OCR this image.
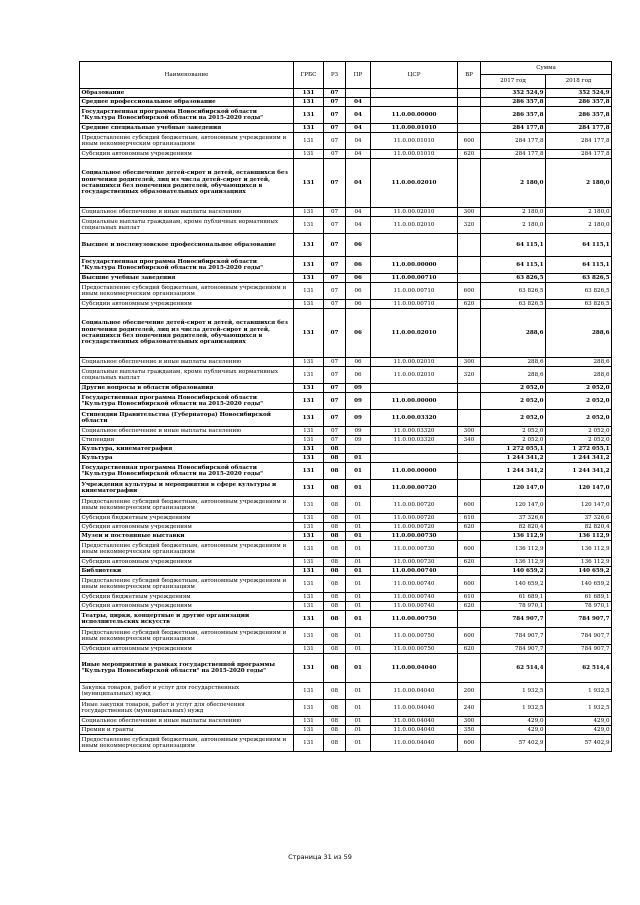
Наименование	ГРБС	РЗ	ПР	ЦСР	ВР	Сумма	
						2017 год	2018 год
Образование	131	07				352 524,9	352 524,9
Среднее профессиональное образование	131	07	04			286 357,8	286 357,8
Государственная программа Новосибирской области "Культура Новосибирской области на 2015-2020 годы"	131	07	04	11.0.00.00000		286 357,8	286 357,8
Средние специальные учебные заведения	131	07	04	11.0.00.01010		284 177,8	284 177,8
Предоставление субсидий бюджетным, автономным учреждениям и иным некоммерческим организациям	131	07	04	11.0.00.01010	600	284 177,8	284 177,8
Субсидии автономным учреждениям	131	07	04	11.0.00.01010	620	284 177,8	284 177,8
Социальное обеспечение детей-сирот и детей, оставшихся без попечения родителей, лиц из числа детей-сирот и детей, оставшихся без попечения родителей, обучающихся в государственных образовательных организациях	131	07	04	11.0.00.02010		2 180,0	2 180,0
Социальное обеспечение и иные выплаты населению	131	07	04	11.0.00.02010	300	2 180,0	2 180,0
Социальные выплаты гражданам, кроме публичных нормативных социальных выплат	131	07	04	11.0.00.02010	320	2 180,0	2 180,0
Высшее и послевузовское профессиональное образование	131	07	06			64 115,1	64 115,1
Государственная программа Новосибирской области "Культура Новосибирской области на 2015-2020 годы"	131	07	06	11.0.00.00000		64 115,1	64 115,1
Высшие учебные заведения	131	07	06	11.0.00.00710		63 826,5	63 826,5
Предоставление субсидий бюджетным, автономным учреждениям и иным некоммерческим организациям	131	07	06	11.0.00.00710	600	63 826,5	63 826,5
Субсидии автономным учреждениям	131	07	06	11.0.00.00710	620	63 826,5	63 826,5
Социальное обеспечение детей-сирот и детей, оставшихся без попечения родителей, лиц из числа детей-сирот и детей, оставшихся без попечения родителей, обучающихся в государственных образовательных организациях	131	07	06	11.0.00.02010		288,6	288,6
Социальное обеспечение и иные выплаты населению	131	07	06	11.0.00.02010	300	288,6	288,6
Социальные выплаты гражданам, кроме публичных нормативных социальных выплат	131	07	06	11.0.00.02010	320	288,6	288,6
Другие вопросы в области образования	131	07	09			2 052,0	2 052,0
Государственная программа Новосибирской области "Культура Новосибирской области на 2015-2020 годы"	131	07	09	11.0.00.00000		2 052,0	2 052,0
Стипендии Правительства (Губернатора) Новосибирской области	131	07	09	11.0.00.03320		2 052,0	2 052,0
Социальное обеспечение и иные выплаты населению	131	07	09	11.0.00.03320	300	2 052,0	2 052,0
Стипендии	131	07	09	11.0.00.03320	340	2 052,0	2 052,0
Культура, кинематография	131	08				1 272 055,1	1 272 055,1
Культура	131	08	01			1 244 341,2	1 244 341,2
Государственная программа Новосибирской области "Культура Новосибирской области на 2015-2020 годы"	131	08	01	11.0.00.00000		1 244 341,2	1 244 341,2
Учреждения культуры и мероприятия в сфере культуры и кинематографии	131	08	01	11.0.00.00720		120 147,0	120 147,0
Предоставление субсидий бюджетным, автономным учреждениям и иным некоммерческим организациям	131	08	01	11.0.00.00720	600	120 147,0	120 147,0
Субсидии бюджетным учреждениям	131	08	01	11.0.00.00720	610	37 326,6	37 326,6
Субсидии автономным учреждениям	131	08	01	11.0.00.00720	620	82 820,4	82 820,4
Музеи и постоянные выставки	131	08	01	11.0.00.00730		136 112,9	136 112,9
Предоставление субсидий бюджетным, автономным учреждениям и иным некоммерческим организациям	131	08	01	11.0.00.00730	600	136 112,9	136 112,9
Субсидии автономным учреждениям	131	08	01	11.0.00.00730	620	136 112,9	136 112,9
Библиотеки	131	08	01	11.0.00.00740		140 659,2	140 659,2
Предоставление субсидий бюджетным, автономным учреждениям и иным некоммерческим организациям	131	08	01	11.0.00.00740	600	140 659,2	140 659,2
Субсидии бюджетным учреждениям	131	08	01	11.0.00.00740	610	61 689,1	61 689,1
Субсидии автономным учреждениям	131	08	01	11.0.00.00740	620	78 970,1	78 970,1
Театры, цирки, концертные и другие организации исполнительских искусств	131	08	01	11.0.00.00750		784 907,7	784 907,7
Предоставление субсидий бюджетным, автономным учреждениям и иным некоммерческим организациям	131	08	01	11.0.00.00750	600	784 907,7	784 907,7
Субсидии автономным учреждениям	131	08	01	11.0.00.00750	620	784 907,7	784 907,7
Иные мероприятия в рамках государственной программы "Культура Новосибирской области" на 2015-2020 годы"	131	08	01	11.0.00.04040		62 514,4	62 514,4
Закупка товаров, работ и услуг для государственных (муниципальных) нужд	131	08	01	11.0.00.04040	200	1 932,5	1 932,5
Иные закупки товаров, работ и услуг для обеспечения государственных (муниципальных) нужд	131	08	01	11.0.00.04040	240	1 932,5	1 932,5
Социальное обеспечение и иные выплаты населению	131	08	01	11.0.00.04040	300	429,0	429,0
Премии и гранты	131	08	01	11.0.00.04040	350	429,0	429,0
Предоставление субсидий бюджетным, автономным учреждениям и иным некоммерческим организациям	131	08	01	11.0.00.04040	600	57 402,9	57 402,9
Страница 31 из 59
